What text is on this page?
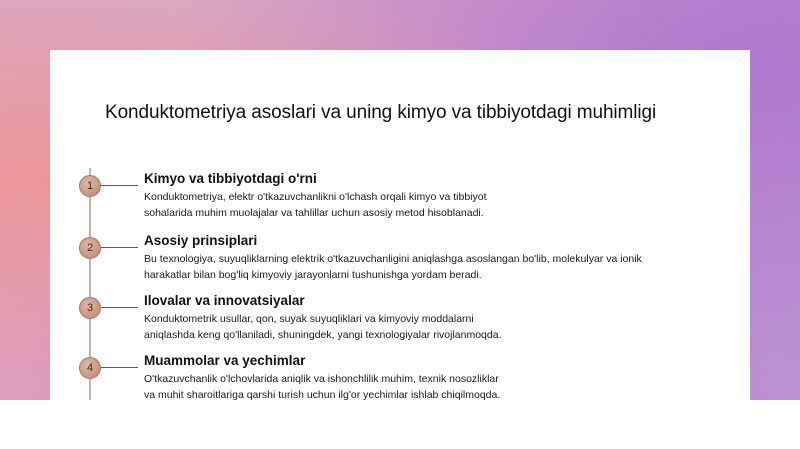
Konduktometriya asoslari va uning kimyo va tibbiyotdagi muhimligi
1	Kimyo va tibbiyotdagi o'rni

Konduktometriya, elektr o'tkazuvchanlikni o'lchash orqali kimyo va tibbiyot
sohalarida muhim muolajalar va tahlillar uchun asosiy metod hisoblanadi.

2	Asosiy prinsiplari

Bu texnologiya, suyuqliklarning elektrik o'tkazuvchanligini aniqlashga asoslangan bo'lib, molekulyar va ionik
harakatlar bilan bog'liq kimyoviy jarayonlarni tushunishga yordam beradi.

3	Ilovalar va innovatsiyalar

Konduktometrik usullar, qon, suyak suyuqliklari va kimyoviy moddalarni
aniqlashda keng qo'llaniladi, shuningdek, yangi texnologiyalar rivojlanmoqda.

4	Muammolar va yechimlar

O'tkazuvchanlik o'lchovlarida aniqlik va ishonchlilik muhim, texnik nosozliklar
va muhit sharoitlariga qarshi turish uchun ilg'or yechimlar ishlab chiqilmoqda.
